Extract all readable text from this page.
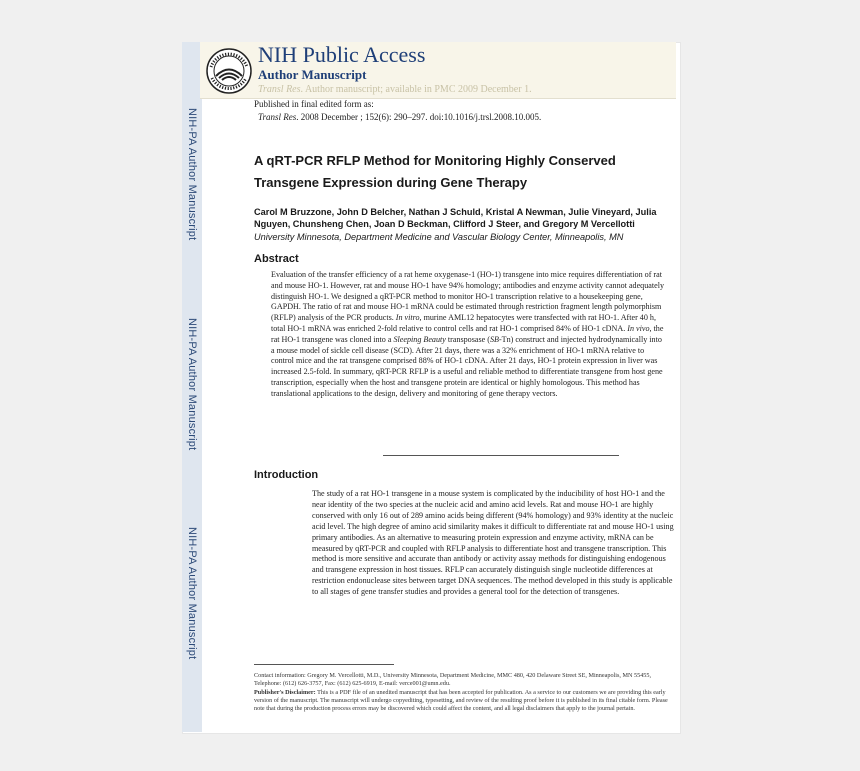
NIH-PA Author Manuscript
NIH-PA Author Manuscript
NIH-PA Author Manuscript
NIH Public Access
Author Manuscript
Transl Res. Author manuscript; available in PMC 2009 December 1.
Published in final edited form as:
Transl Res. 2008 December ; 152(6): 290–297. doi:10.1016/j.trsl.2008.10.005.
A qRT-PCR RFLP Method for Monitoring Highly Conserved Transgene Expression during Gene Therapy
Carol M Bruzzone, John D Belcher, Nathan J Schuld, Kristal A Newman, Julie Vineyard, Julia Nguyen, Chunsheng Chen, Joan D Beckman, Clifford J Steer, and Gregory M Vercellotti
University Minnesota, Department Medicine and Vascular Biology Center, Minneapolis, MN
Abstract
Evaluation of the transfer efficiency of a rat heme oxygenase-1 (HO-1) transgene into mice requires differentiation of rat and mouse HO-1. However, rat and mouse HO-1 have 94% homology; antibodies and enzyme activity cannot adequately distinguish HO-1. We designed a qRT-PCR method to monitor HO-1 transcription relative to a housekeeping gene, GAPDH. The ratio of rat and mouse HO-1 mRNA could be estimated through restriction fragment length polymorphism (RFLP) analysis of the PCR products. In vitro, murine AML12 hepatocytes were transfected with rat HO-1. After 40 h, total HO-1 mRNA was enriched 2-fold relative to control cells and rat HO-1 comprised 84% of HO-1 cDNA. In vivo, the rat HO-1 transgene was cloned into a Sleeping Beauty transposase (SB-Tn) construct and injected hydrodynamically into a mouse model of sickle cell disease (SCD). After 21 days, there was a 32% enrichment of HO-1 mRNA relative to control mice and the rat transgene comprised 88% of HO-1 cDNA. After 21 days, HO-1 protein expression in liver was increased 2.5-fold. In summary, qRT-PCR RFLP is a useful and reliable method to differentiate transgene from host gene transcription, especially when the host and transgene protein are identical or highly homologous. This method has translational applications to the design, delivery and monitoring of gene therapy vectors.
Introduction
The study of a rat HO-1 transgene in a mouse system is complicated by the inducibility of host HO-1 and the near identity of the two species at the nucleic acid and amino acid levels. Rat and mouse HO-1 are highly conserved with only 16 out of 289 amino acids being different (94% homology) and 93% identity at the nucleic acid level. The high degree of amino acid similarity makes it difficult to differentiate rat and mouse HO-1 using primary antibodies. As an alternative to measuring protein expression and enzyme activity, mRNA can be measured by qRT-PCR and coupled with RFLP analysis to differentiate host and transgene transcription. This method is more sensitive and accurate than antibody or activity assay methods for distinguishing endogenous and transgene expression in host tissues. RFLP can accurately distinguish single nucleotide differences at restriction endonuclease sites between target DNA sequences. The method developed in this study is applicable to all stages of gene transfer studies and provides a general tool for the detection of transgenes.
Contact information: Gregory M. Vercellotti, M.D., University Minnesota, Department Medicine, MMC 480, 420 Delaware Street SE, Minneapolis, MN 55455, Telephone: (612) 626-3757, Fax: (612) 625-6919, E-mail: verce001@umn.edu.
Publisher's Disclaimer: This is a PDF file of an unedited manuscript that has been accepted for publication. As a service to our customers we are providing this early version of the manuscript. The manuscript will undergo copyediting, typesetting, and review of the resulting proof before it is published in its final citable form. Please note that during the production process errors may be discovered which could affect the content, and all legal disclaimers that apply to the journal pertain.
